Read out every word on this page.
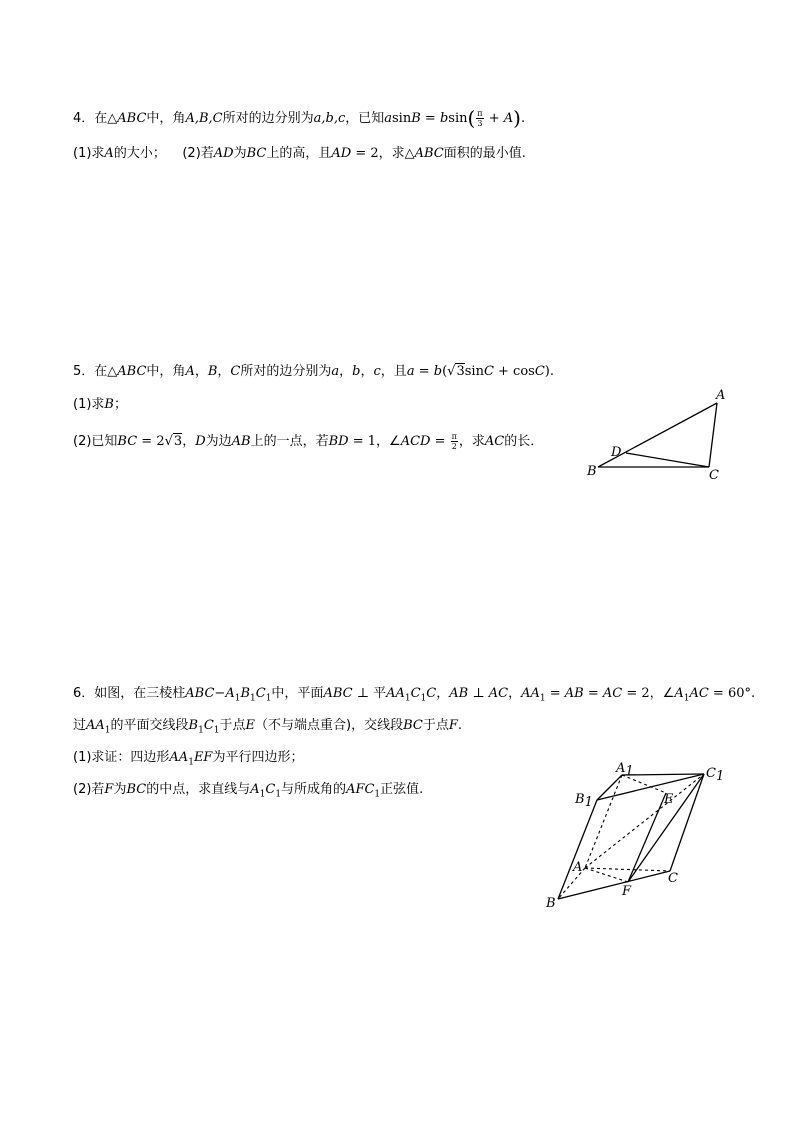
4．在△ABC中，角A,B,C所对的边分别为a,b,c，已知$asinB = bsin( \frac{\pi}{3} + A)$.
(1)求A的大小； (2)若AD为BC上的高，且AD = 2，求△ABC面积的最小值.
5．在△ABC中，角A，B，C所对的边分别为a，b，c，且a = b(√3sinC + cosC).
(1)求B；
(2)已知BC = 2√3，D为边AB上的一点，若BD = 1，∠ACD = $\frac{\pi}{2}$ ，求AC的长．
A
B	C
D
6．如图，在三棱柱$ABC-A_1B_1C_1$中，平面ABC ⊥ 平$AA_1C_1C$，AB ⊥ AC，$AA_1$ = AB = AC = 2，$\angle A_1AC = 60^\circ$.
过$AA_1$的平面交线段$B_1C_1$于点E（不与端点重合)，交线段BC于点F.
(1)求证：四边形$AA_1EF$为平行四边形；
(2)若F为BC的中点，求直线与$A_1C_1$与所成角的$AFC_1$正弦值.
A1	C1
B1	E
A
F
C
B
